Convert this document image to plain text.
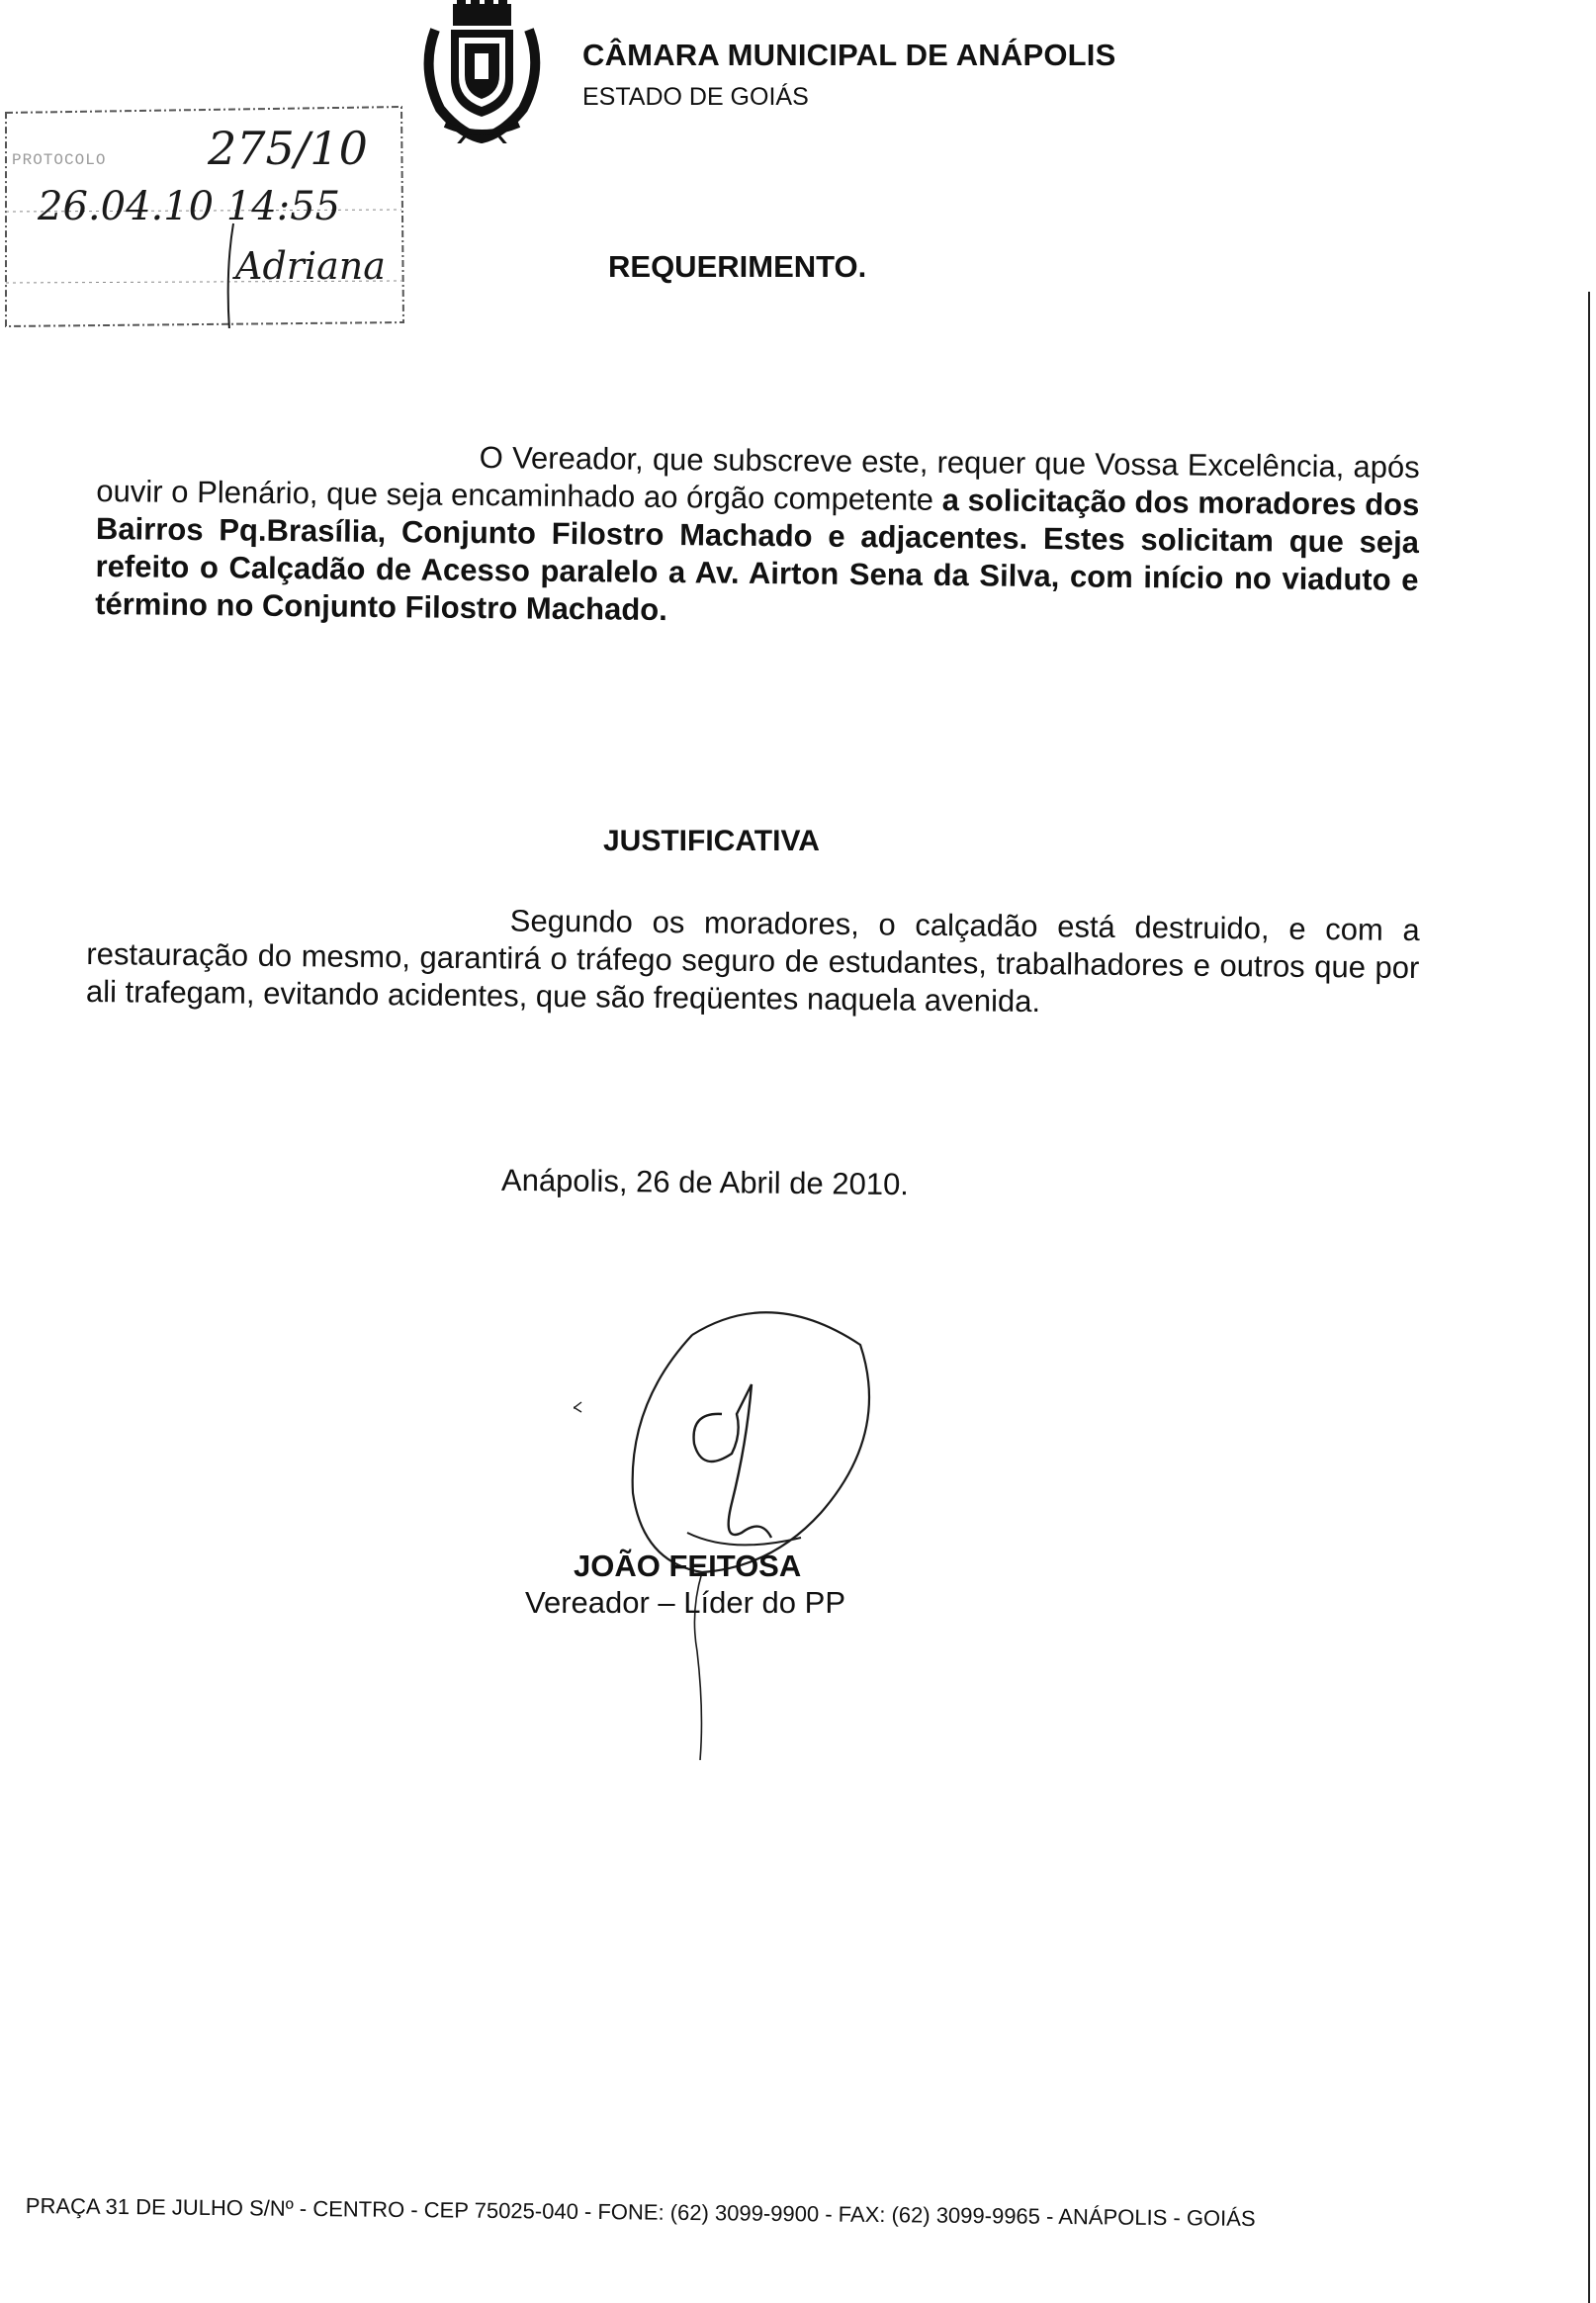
CÂMARA MUNICIPAL DE ANÁPOLIS
ESTADO DE GOIÁS
PROTOCOLO 275/10
26.04.10 14:55
Adriana	REQUERIMENTO.
O Vereador, que subscreve este, requer que Vossa Excelência, após ouvir o Plenário, que seja encaminhado ao órgão competente a solicitação dos moradores dos Bairros Pq.Brasília, Conjunto Filostro Machado e adjacentes. Estes solicitam que seja refeito o Calçadão de Acesso paralelo a Av. Airton Sena da Silva, com início no viaduto e término no Conjunto Filostro Machado.
JUSTIFICATIVA
Segundo os moradores, o calçadão está destruido, e com a restauração do mesmo, garantirá o tráfego seguro de estudantes, trabalhadores e outros que por ali trafegam, evitando acidentes, que são freqüentes naquela avenida.
Anápolis, 26 de Abril de 2010.
JOÃO FEITOSA
Vereador – Líder do PP
PRAÇA 31 DE JULHO S/Nº - CENTRO - CEP 75025-040 - FONE: (62) 3099-9900 - FAX: (62) 3099-9965 - ANÁPOLIS - GOIÁS
